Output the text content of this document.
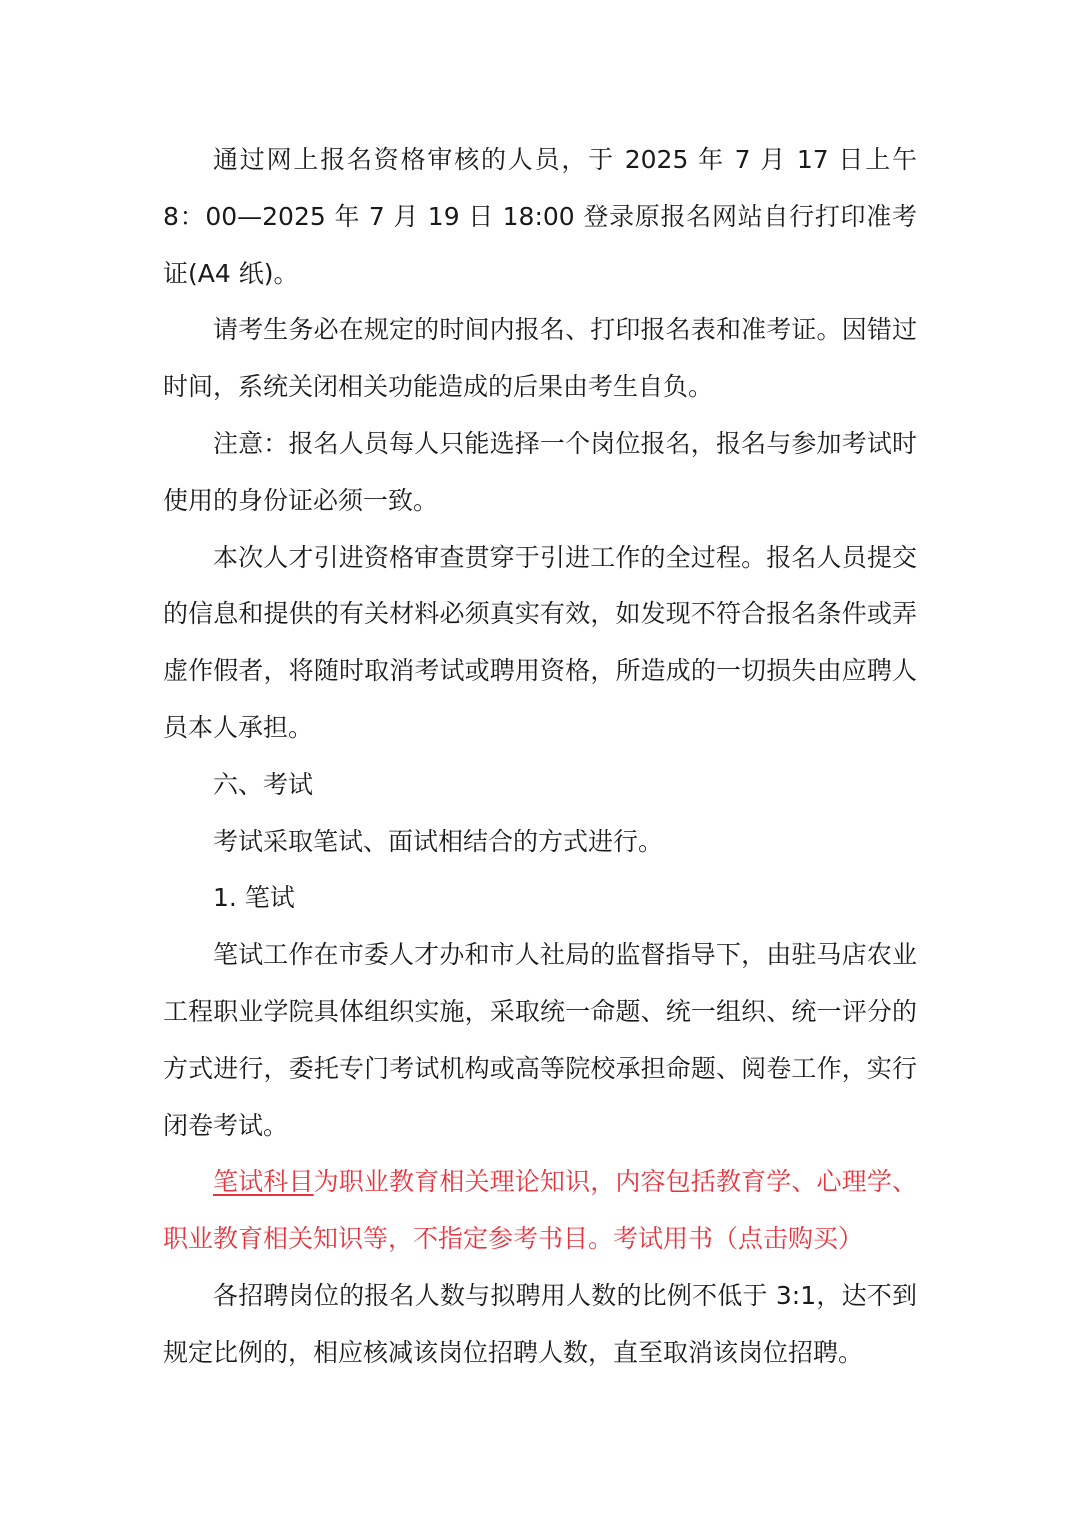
通过网上报名资格审核的人员，于 2025 年 7 月 17 日上午 8：00—2025 年 7 月 19 日 18:00 登录原报名网站自行打印准考证(A4 纸)。

请考生务必在规定的时间内报名、打印报名表和准考证。因错过时间，系统关闭相关功能造成的后果由考生自负。

注意：报名人员每人只能选择一个岗位报名，报名与参加考试时使用的身份证必须一致。

本次人才引进资格审查贯穿于引进工作的全过程。报名人员提交的信息和提供的有关材料必须真实有效，如发现不符合报名条件或弄虚作假者，将随时取消考试或聘用资格，所造成的一切损失由应聘人员本人承担。

六、考试

考试采取笔试、面试相结合的方式进行。

1. 笔试

笔试工作在市委人才办和市人社局的监督指导下，由驻马店农业工程职业学院具体组织实施，采取统一命题、统一组织、统一评分的方式进行，委托专门考试机构或高等院校承担命题、阅卷工作，实行闭卷考试。

笔试科目为职业教育相关理论知识，内容包括教育学、心理学、职业教育相关知识等，不指定参考书目。考试用书（点击购买）

各招聘岗位的报名人数与拟聘用人数的比例不低于 3:1，达不到规定比例的，相应核减该岗位招聘人数，直至取消该岗位招聘。
